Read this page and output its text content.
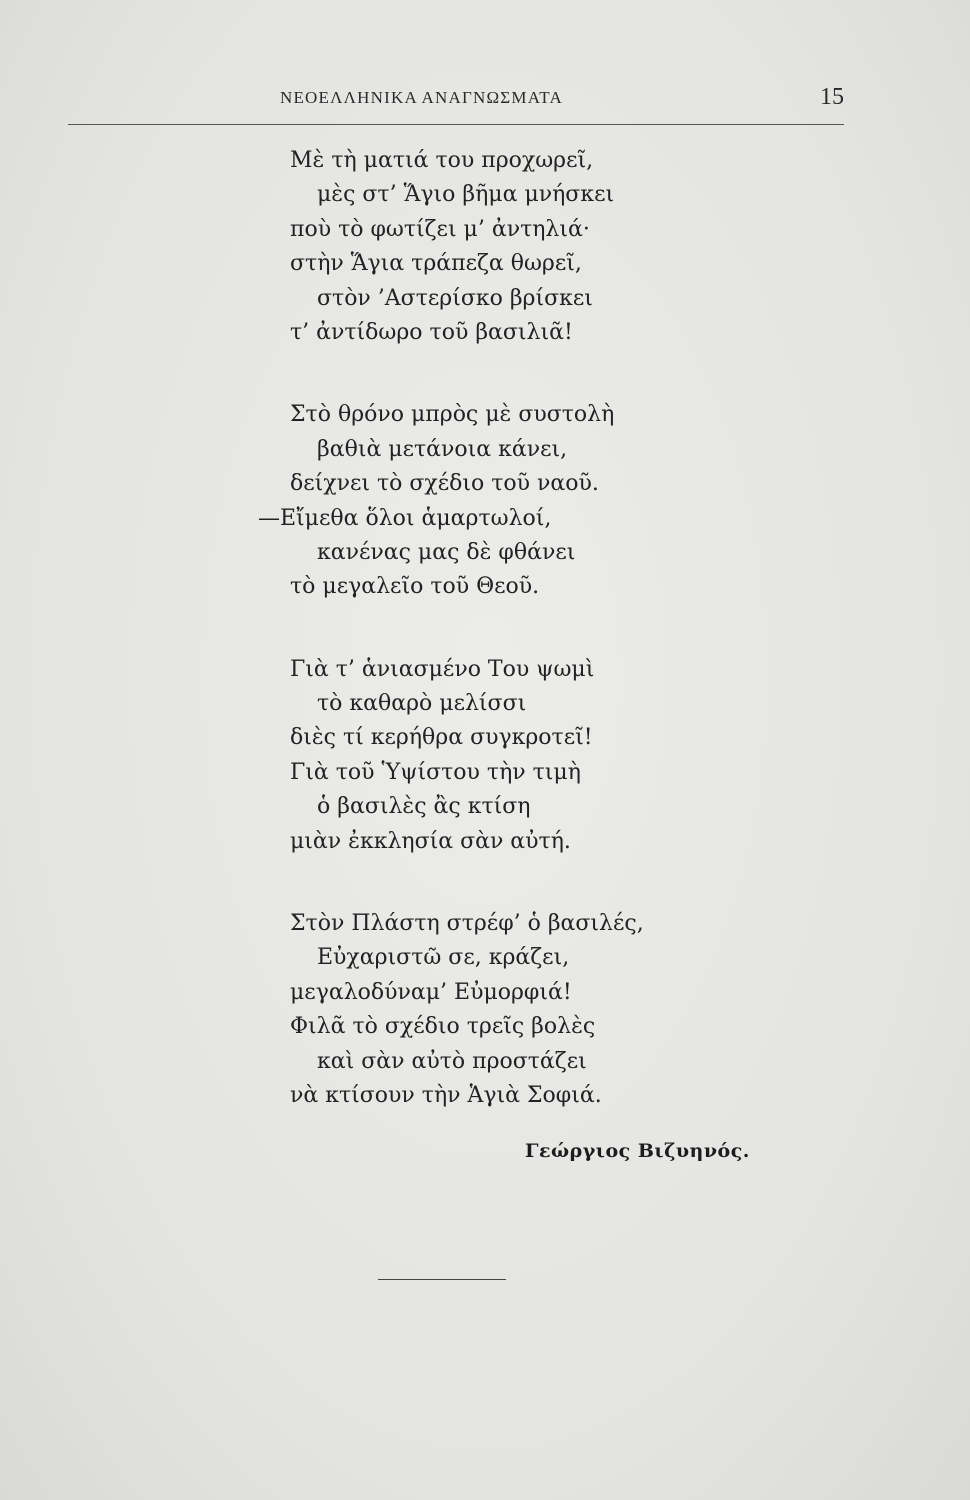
ΝΕΟΕΛΛΗΝΙΚΑ ΑΝΑΓΝΩΣΜΑΤΑ	15
Μὲ τὴ ματιά του προχωρεῖ,
μὲς στ’ Ἅγιο βῆμα μνήσκει
ποὺ τὸ φωτίζει μ’ ἀντηλιά·
στὴν Ἅγια τράπεζα θωρεῖ,
στὸν ’Αστερίσκο βρίσκει
τ’ ἀντίδωρο τοῦ βασιλιᾶ!
Στὸ θρόνο μπρὸς μὲ συστολὴ
βαθιὰ μετάνοια κάνει,
δείχνει τὸ σχέδιο τοῦ ναοῦ.
—Εἴμεθα ὅλοι ἁμαρτωλοί,
κανένας μας δὲ φθάνει
τὸ μεγαλεῖο τοῦ Θεοῦ.
Γιὰ τ’ ἁνιασμένο Του ψωμὶ
τὸ καθαρὸ μελίσσι
διὲς τί κερήθρα συγκροτεῖ!
Γιὰ τοῦ Ὑψίστου τὴν τιμὴ
ὁ βασιλὲς ἂς κτίση
μιὰν ἐκκλησία σὰν αὐτή.
Στὸν Πλάστη στρέφ’ ὁ βασιλές,
Εὐχαριστῶ σε, κράζει,
μεγαλοδύναμ’ Εὐμορφιά!
Φιλᾶ τὸ σχέδιο τρεῖς βολὲς
καὶ σὰν αὐτὸ προστάζει
νὰ κτίσουν τὴν Ἁγιὰ Σοφιά.
Γεώργιος Βιζυηνός.
